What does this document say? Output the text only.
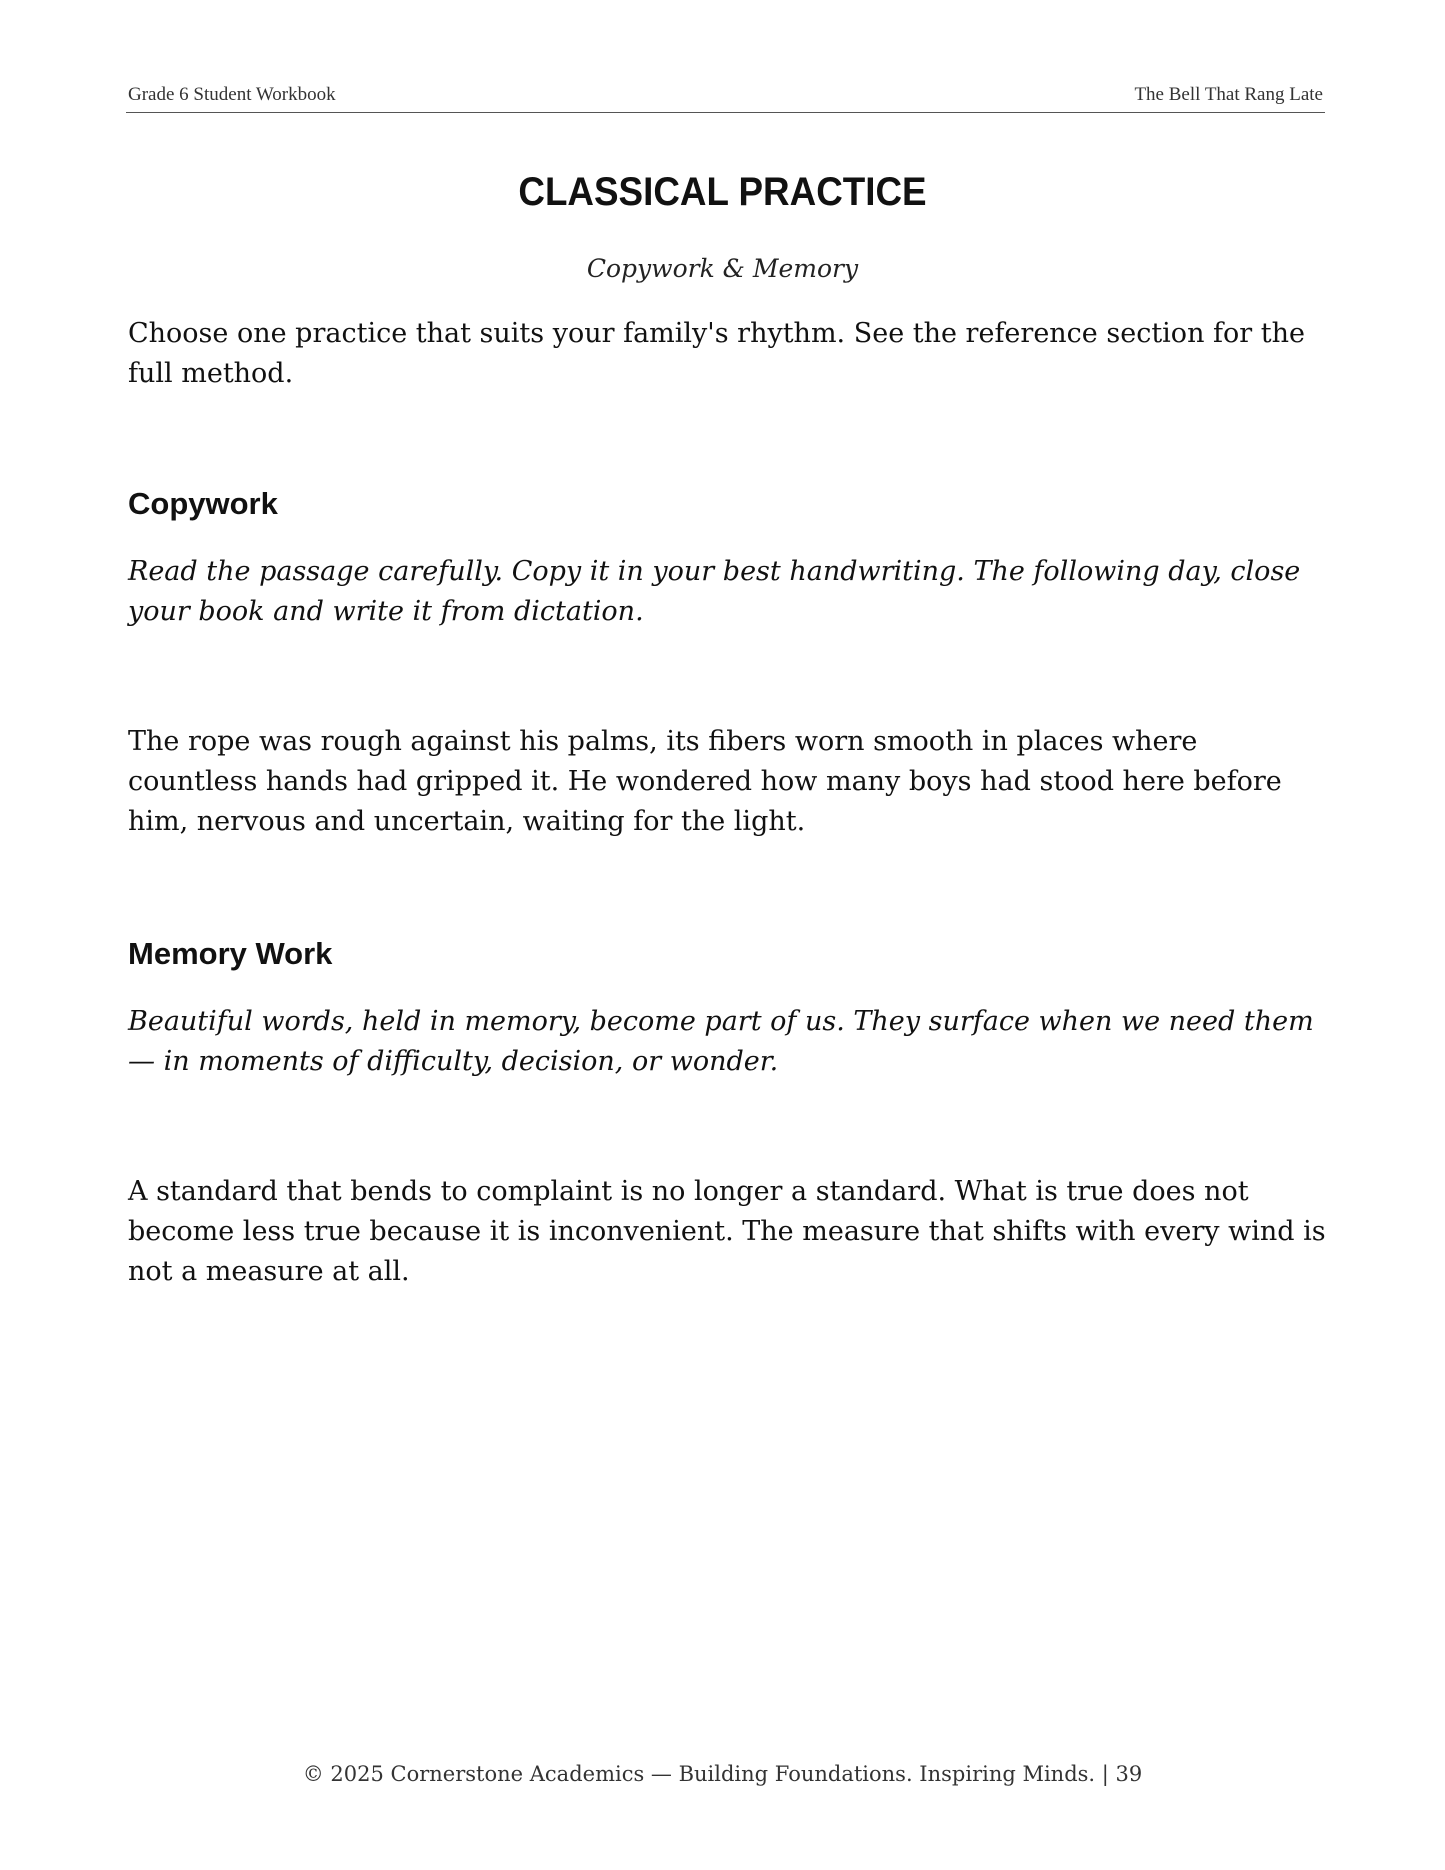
Grade 6 Student Workbook	The Bell That Rang Late
CLASSICAL PRACTICE
Copywork & Memory
Choose one practice that suits your family's rhythm. See the reference section for the full method.
Copywork
Read the passage carefully. Copy it in your best handwriting. The following day, close your book and write it from dictation.
The rope was rough against his palms, its fibers worn smooth in places where countless hands had gripped it. He wondered how many boys had stood here before him, nervous and uncertain, waiting for the light.
Memory Work
Beautiful words, held in memory, become part of us. They surface when we need them — in moments of difficulty, decision, or wonder.
A standard that bends to complaint is no longer a standard. What is true does not become less true because it is inconvenient. The measure that shifts with every wind is not a measure at all.
© 2025 Cornerstone Academics — Building Foundations. Inspiring Minds. | 39
